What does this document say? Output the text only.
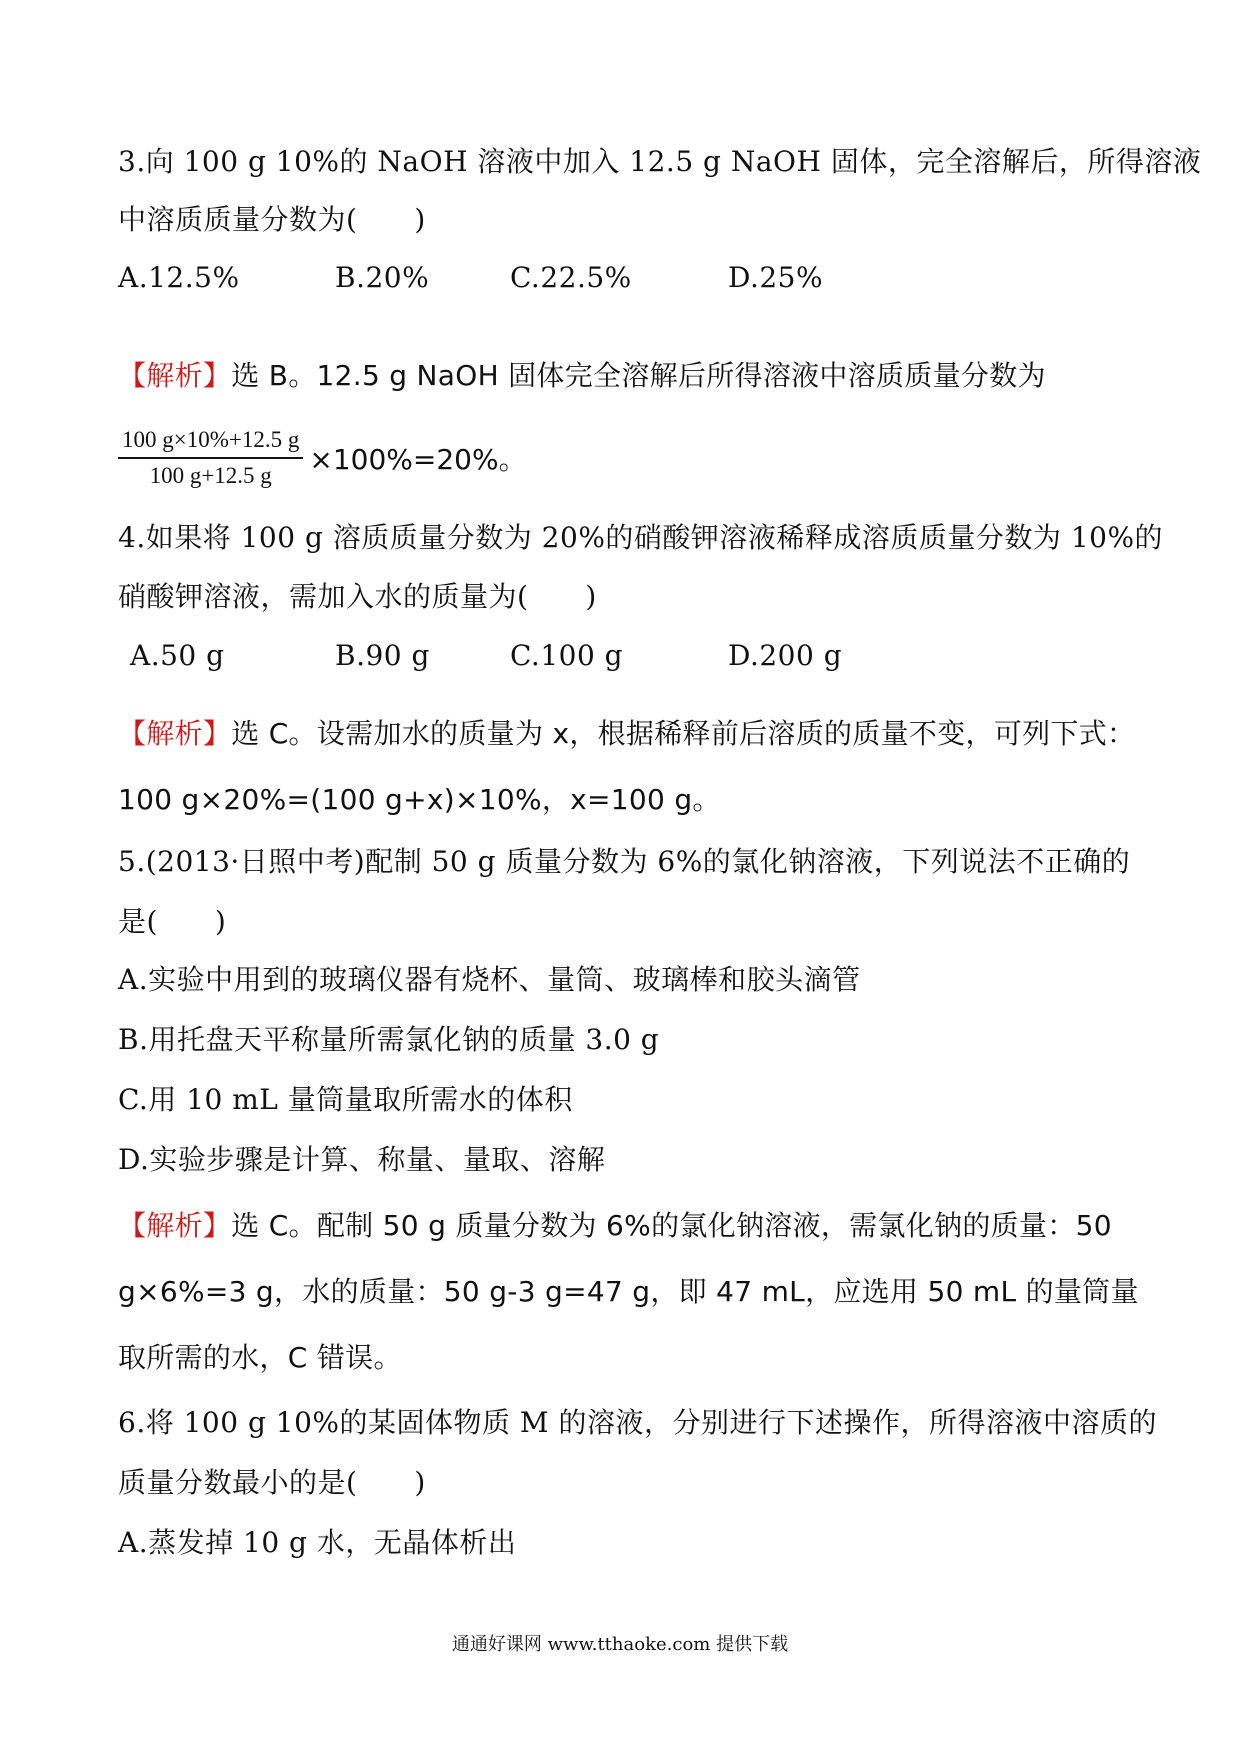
3.向 100 g 10%的 NaOH 溶液中加入 12.5 g NaOH 固体，完全溶解后，所得溶液
中溶质质量分数为(　　)
A.12.5%	B.20%	C.22.5%	D.25%
【解析】选 B。12.5 g NaOH 固体完全溶解后所得溶液中溶质质量分数为
$\frac{100 g\times 10\%+12.5 g}{100 g+12.5 g} \times 100\%=20\%$。
4.如果将 100 g 溶质质量分数为 20%的硝酸钾溶液稀释成溶质质量分数为 10%的
硝酸钾溶液，需加入水的质量为(　　)
A.50 g	B.90 g	C.100 g	D.200 g
【解析】选 C。设需加水的质量为 x，根据稀释前后溶质的质量不变，可列下式：
100 g×20%=(100 g+x)×10%，x=100 g。
5.(2013·日照中考)配制 50 g 质量分数为 6%的氯化钠溶液，下列说法不正确的
是(　　)
A.实验中用到的玻璃仪器有烧杯、量筒、玻璃棒和胶头滴管
B.用托盘天平称量所需氯化钠的质量 3.0 g
C.用 10 mL 量筒量取所需水的体积
D.实验步骤是计算、称量、量取、溶解
【解析】选 C。配制 50 g 质量分数为 6%的氯化钠溶液，需氯化钠的质量：50
g×6%=3 g，水的质量：50 g-3 g=47 g，即 47 mL，应选用 50 mL 的量筒量
取所需的水，C 错误。
6.将 100 g 10%的某固体物质 M 的溶液，分别进行下述操作，所得溶液中溶质的
质量分数最小的是(　　)
A.蒸发掉 10 g 水，无晶体析出
通通好课网 www.tthaoke.com 提供下载
